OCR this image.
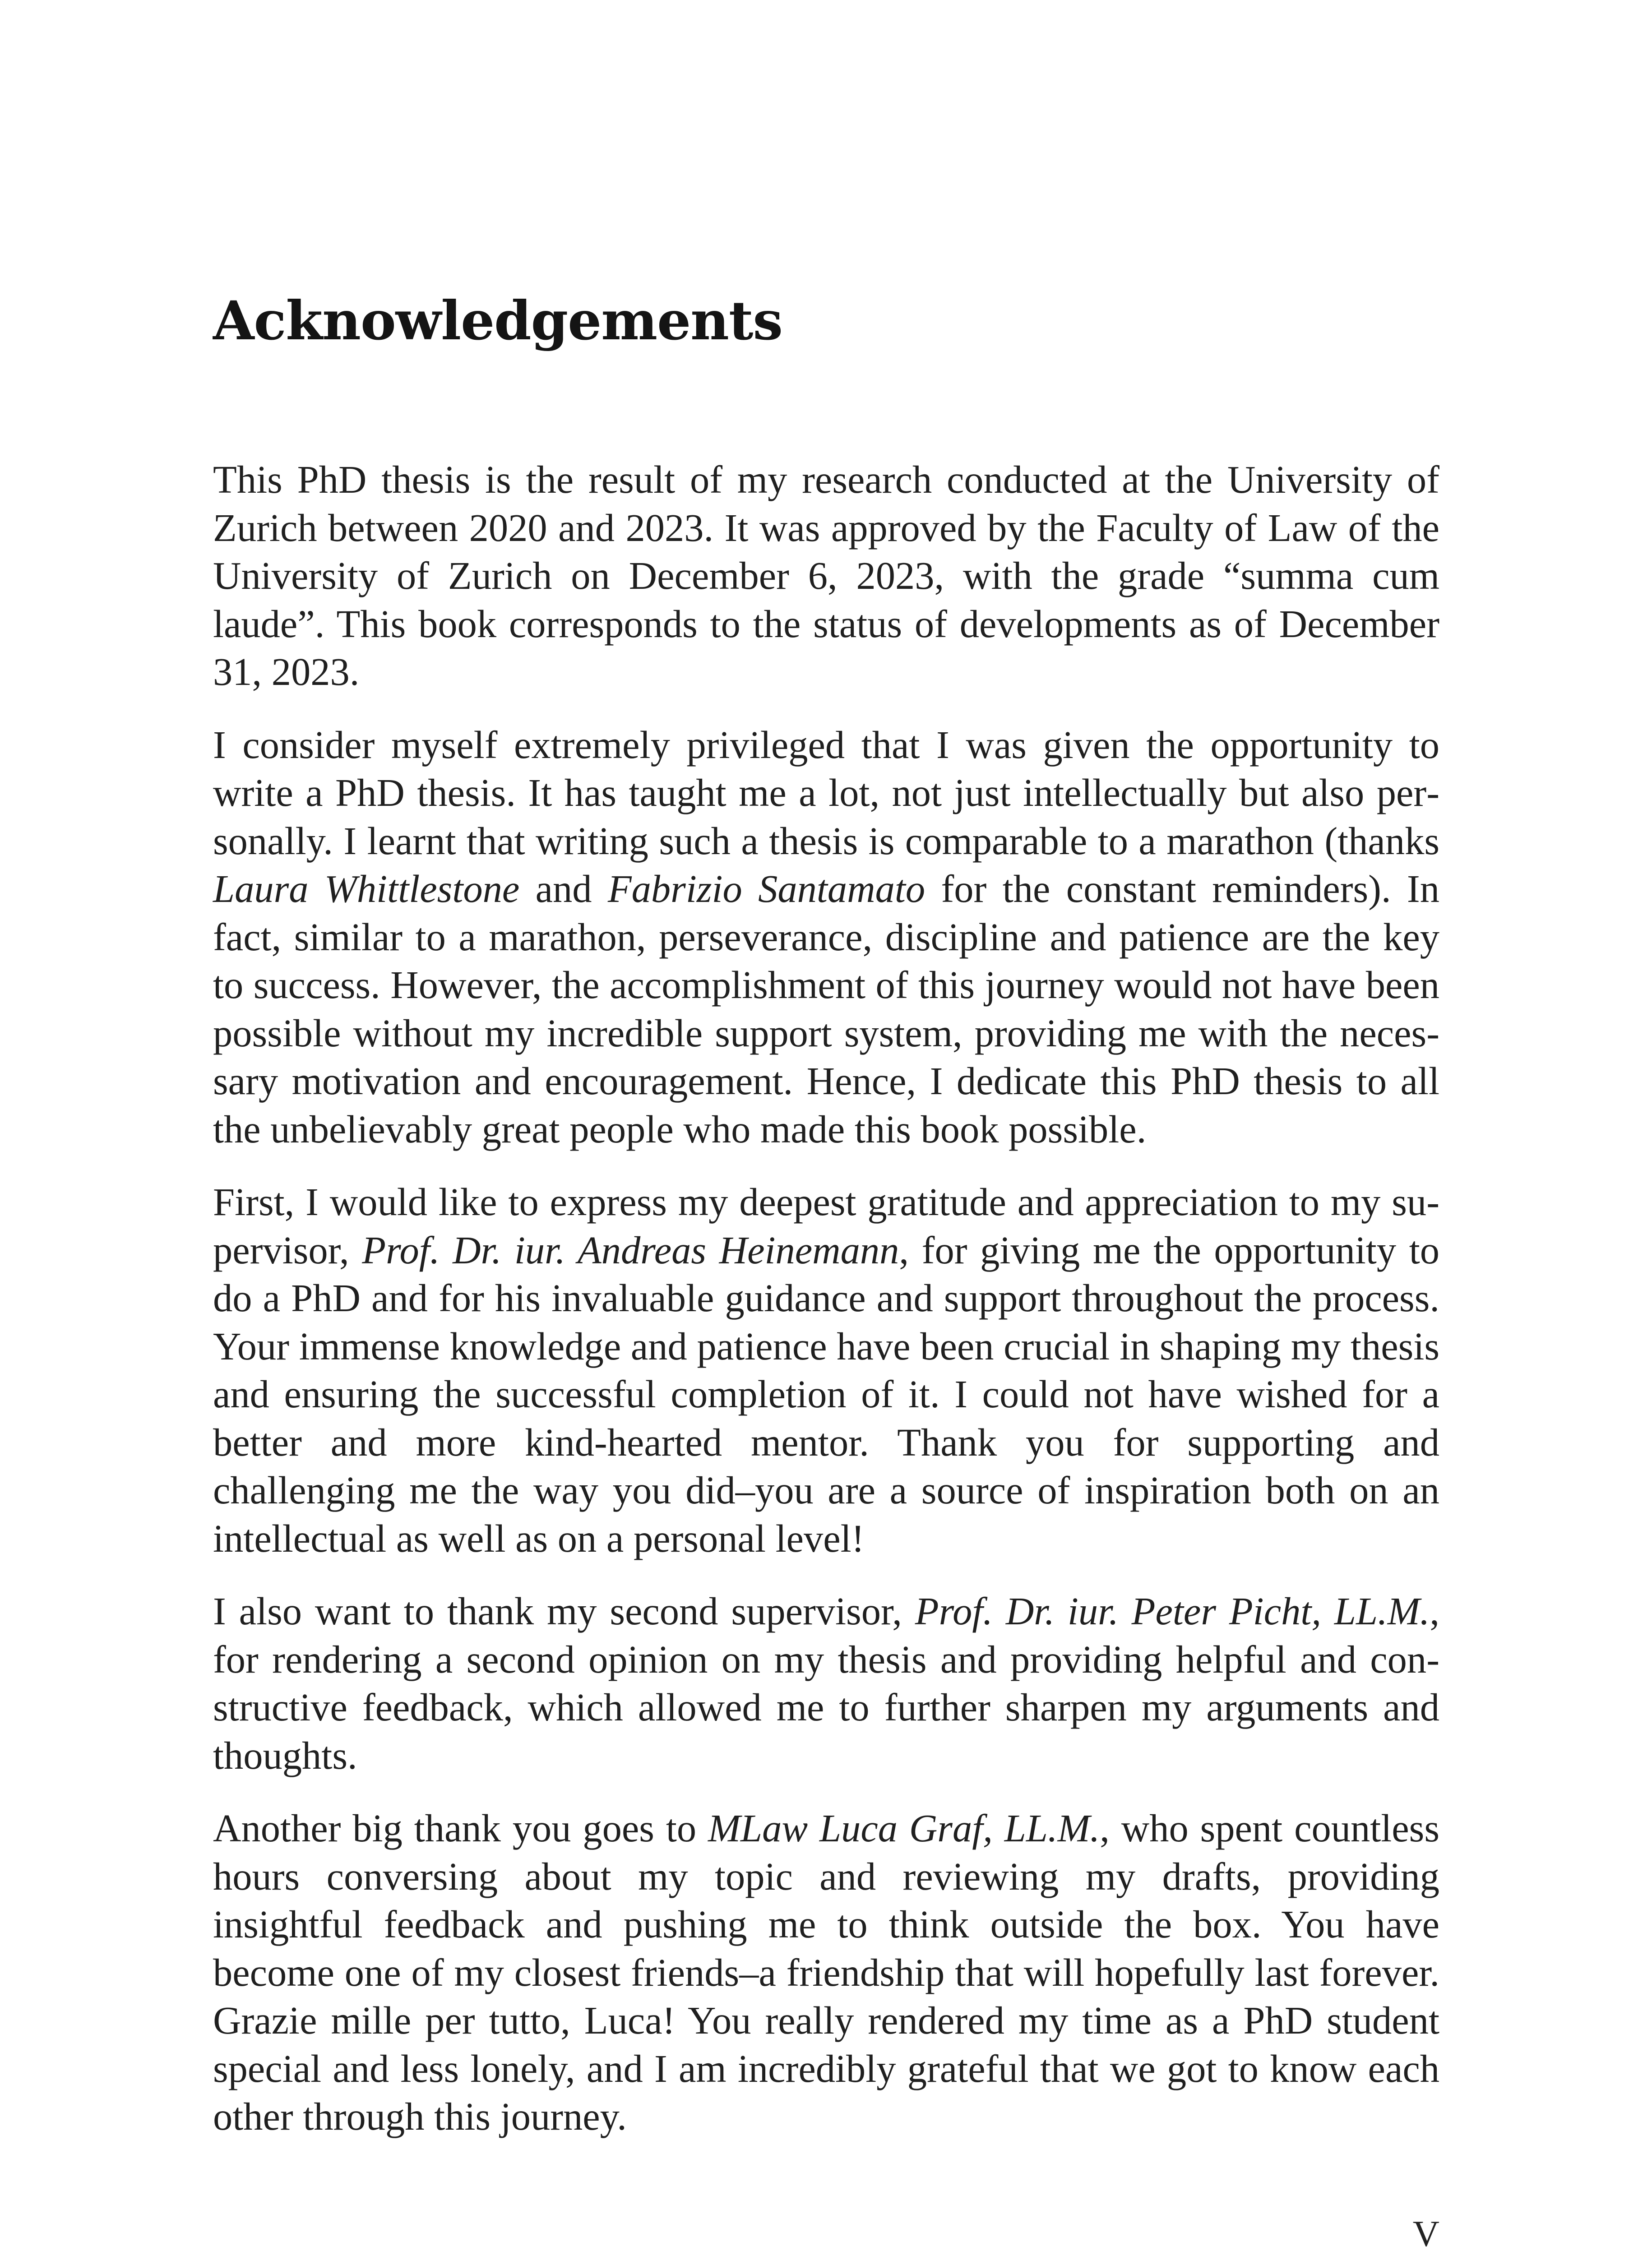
Acknowledgements

This PhD thesis is the result of my research conducted at the University of Zurich between 2020 and 2023. It was approved by the Faculty of Law of the University of Zurich on December 6, 2023, with the grade “summa cum laude”. This book corresponds to the status of developments as of December 31, 2023.

I consider myself extremely privileged that I was given the opportunity to write a PhD thesis. It has taught me a lot, not just intellectually but also personally. I learnt that writing such a thesis is comparable to a marathon (thanks Laura Whittlestone and Fabrizio Santamato for the constant reminders). In fact, similar to a marathon, perseverance, discipline and patience are the key to success. However, the accomplishment of this journey would not have been possible without my incredible support system, providing me with the necessary motivation and encouragement. Hence, I dedicate this PhD thesis to all the unbelievably great people who made this book possible.

First, I would like to express my deepest gratitude and appreciation to my supervisor, Prof. Dr. iur. Andreas Heinemann, for giving me the opportunity to do a PhD and for his invaluable guidance and support throughout the process. Your immense knowledge and patience have been crucial in shaping my thesis and ensuring the successful completion of it. I could not have wished for a better and more kind-hearted mentor. Thank you for supporting and challenging me the way you did–you are a source of inspiration both on an intellectual as well as on a personal level!

I also want to thank my second supervisor, Prof. Dr. iur. Peter Picht, LL.M., for rendering a second opinion on my thesis and providing helpful and constructive feedback, which allowed me to further sharpen my arguments and thoughts.

Another big thank you goes to MLaw Luca Graf, LL.M., who spent countless hours conversing about my topic and reviewing my drafts, providing insightful feedback and pushing me to think outside the box. You have become one of my closest friends–a friendship that will hopefully last forever. Grazie mille per tutto, Luca! You really rendered my time as a PhD student special and less lonely, and I am incredibly grateful that we got to know each other through this journey.

V
